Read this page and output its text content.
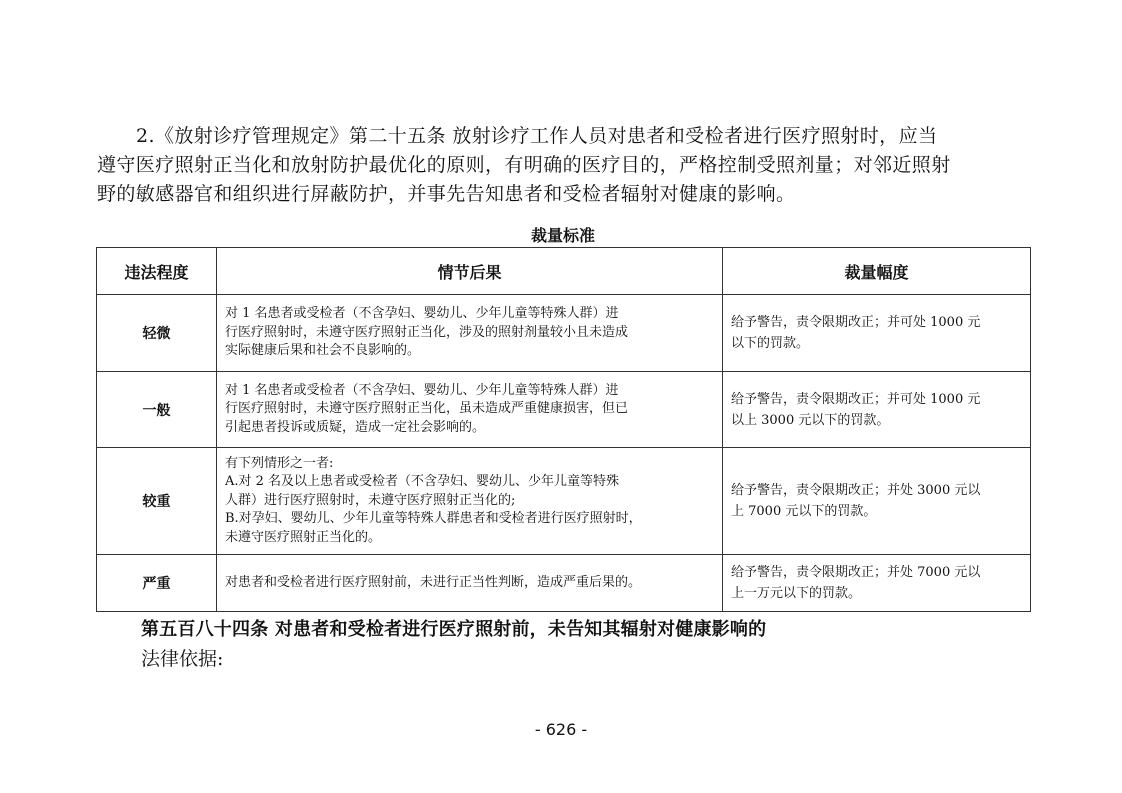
2.《放射诊疗管理规定》第二十五条 放射诊疗工作人员对患者和受检者进行医疗照射时，应当
遵守医疗照射正当化和放射防护最优化的原则，有明确的医疗目的，严格控制受照剂量；对邻近照射
野的敏感器官和组织进行屏蔽防护，并事先告知患者和受检者辐射对健康的影响。
裁量标准
违法程度	情节后果	裁量幅度
轻微	对 1 名患者或受检者（不含孕妇、婴幼儿、少年儿童等特殊人群）进
行医疗照射时，未遵守医疗照射正当化，涉及的照射剂量较小且未造成
实际健康后果和社会不良影响的。	给予警告，责令限期改正；并可处 1000 元
以下的罚款。

一般	对 1 名患者或受检者（不含孕妇、婴幼儿、少年儿童等特殊人群）进
行医疗照射时，未遵守医疗照射正当化，虽未造成严重健康损害，但已
引起患者投诉或质疑，造成一定社会影响的。	给予警告，责令限期改正；并可处 1000 元
以上 3000 元以下的罚款。

较重	有下列情形之一者:
A.对 2 名及以上患者或受检者（不含孕妇、婴幼儿、少年儿童等特殊
人群）进行医疗照射时，未遵守医疗照射正当化的;
B.对孕妇、婴幼儿、少年儿童等特殊人群患者和受检者进行医疗照射时，
未遵守医疗照射正当化的。	给予警告，责令限期改正；并处 3000 元以
上 7000 元以下的罚款。

严重	对患者和受检者进行医疗照射前，未进行正当性判断，造成严重后果的。	给予警告，责令限期改正；并处 7000 元以
上一万元以下的罚款。
第五百八十四条 对患者和受检者进行医疗照射前，未告知其辐射对健康影响的
法律依据:
- 626 -
